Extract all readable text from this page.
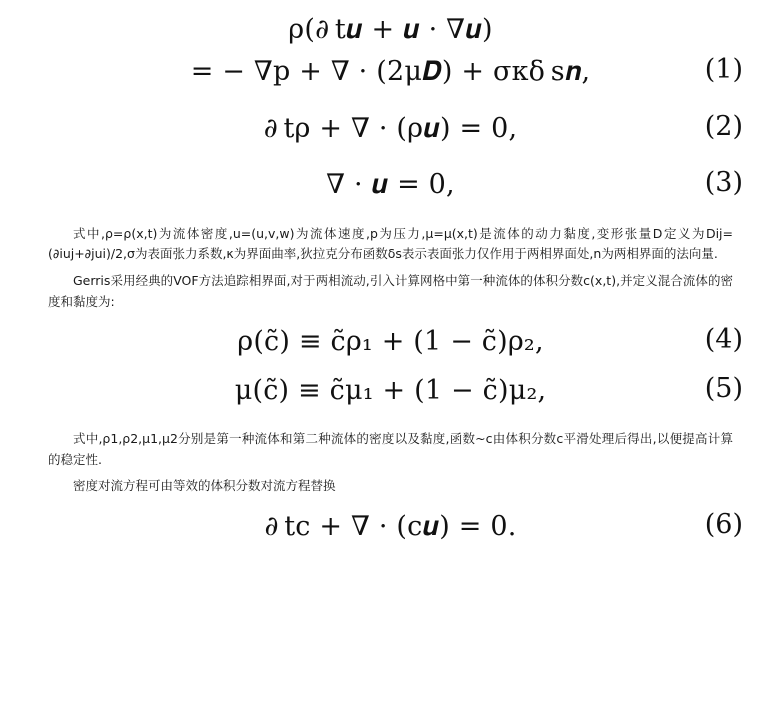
ρ(∂ t𝒖 + 𝒖 · ∇𝒖)
= − ∇p + ∇ · (2μ𝑫) + σκδ s𝒏,	(1)
∂ tρ + ∇ · (ρ𝒖) = 0,	(2)
∇ · 𝒖 = 0,	(3)

式中,ρ=ρ(x,t)为流体密度,u=(u,v,w)为流体速度,p为压力,μ=μ(x,t)是流体的动力黏度,变形张量D定义为Dij=(∂iuj+∂jui)/2,σ为表面张力系数,κ为界面曲率,狄拉克分布函数δs表示表面张力仅作用于两相界面处,n为两相界面的法向量.

Gerris采用经典的VOF方法追踪相界面,对于两相流动,引入计算网格中第一种流体的体积分数c(x,t),并定义混合流体的密度和黏度为:

ρ(c̃) ≡ c̃ρ₁ + (1 − c̃)ρ₂,	(4)
μ(c̃) ≡ c̃μ₁ + (1 − c̃)μ₂,	(5)

式中,ρ1,ρ2,μ1,μ2分别是第一种流体和第二种流体的密度以及黏度,函数~c由体积分数c平滑处理后得出,以便提高计算的稳定性.

密度对流方程可由等效的体积分数对流方程替换

∂ tc + ∇ · (c𝒖) = 0.	(6)
